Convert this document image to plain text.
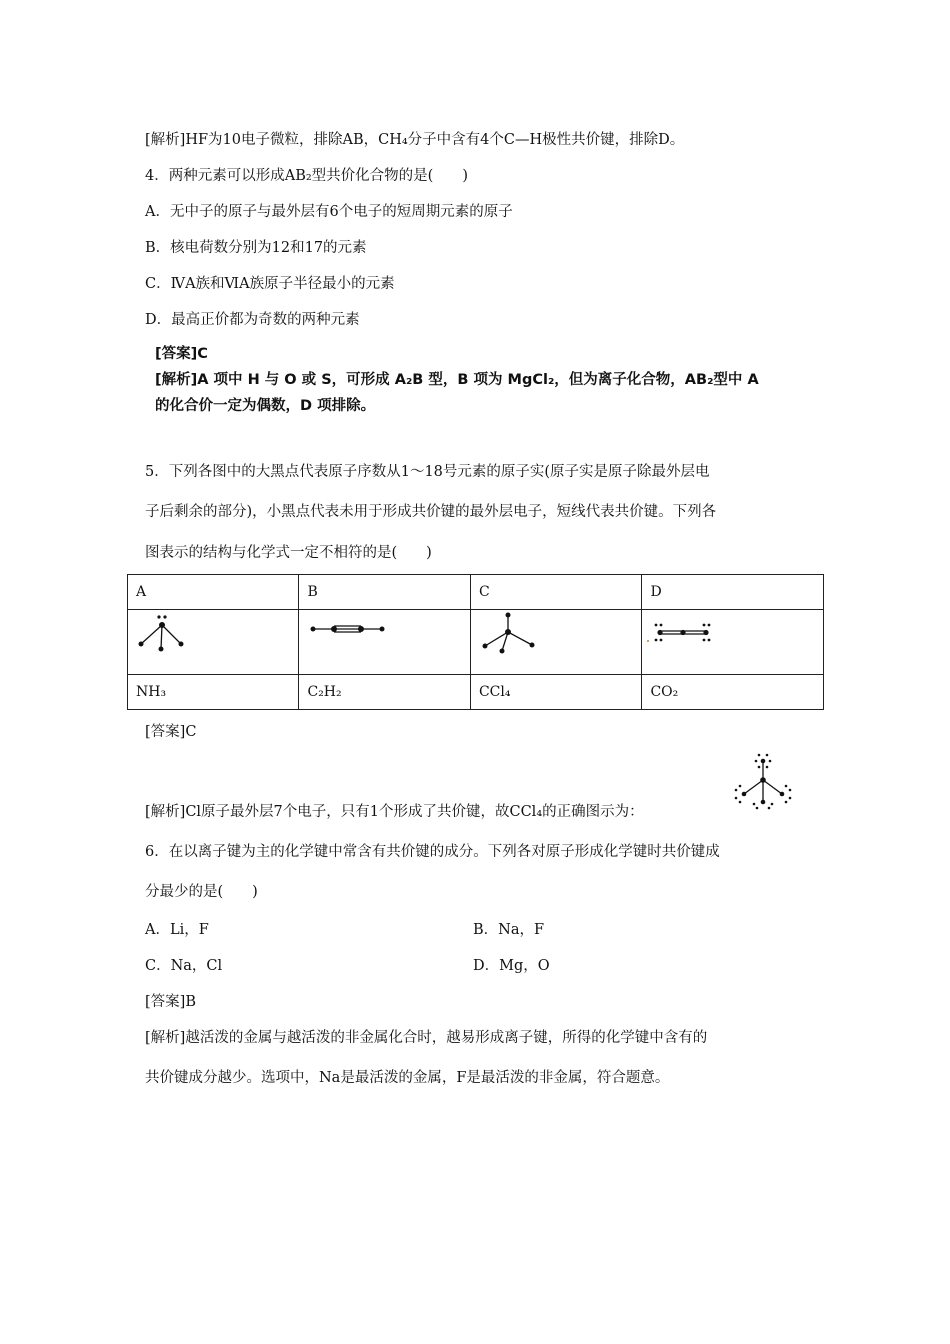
[解析]HF为10电子微粒，排除AB，CH₄分子中含有4个C—H极性共价键，排除D。
4．两种元素可以形成AB₂型共价化合物的是(　　)
A．无中子的原子与最外层有6个电子的短周期元素的原子
B．核电荷数分别为12和17的元素
C．ⅣA族和ⅥA族原子半径最小的元素
D．最高正价都为奇数的两种元素
[答案]C
[解析]A 项中 H 与 O 或 S，可形成 A₂B 型，B 项为 MgCl₂，但为离子化合物，AB₂型中 A
的化合价一定为偶数，D 项排除。
5．下列各图中的大黑点代表原子序数从1～18号元素的原子实(原子实是原子除最外层电
子后剩余的部分)，小黑点代表未用于形成共价键的最外层电子，短线代表共价键。下列各
图表示的结构与化学式一定不相符的是(　　)
A	B	C	D

NH₃	C₂H₂	CCl₄	CO₂
[答案]C
[解析]Cl原子最外层7个电子，只有1个形成了共价键，故CCl₄的正确图示为：
6．在以离子键为主的化学键中常含有共价键的成分。下列各对原子形成化学键时共价键成
分最少的是(　　)
A．Li，F	B．Na，F
C．Na，Cl	D．Mg，O
[答案]B
[解析]越活泼的金属与越活泼的非金属化合时，越易形成离子键，所得的化学键中含有的
共价键成分越少。选项中，Na是最活泼的金属，F是最活泼的非金属，符合题意。
